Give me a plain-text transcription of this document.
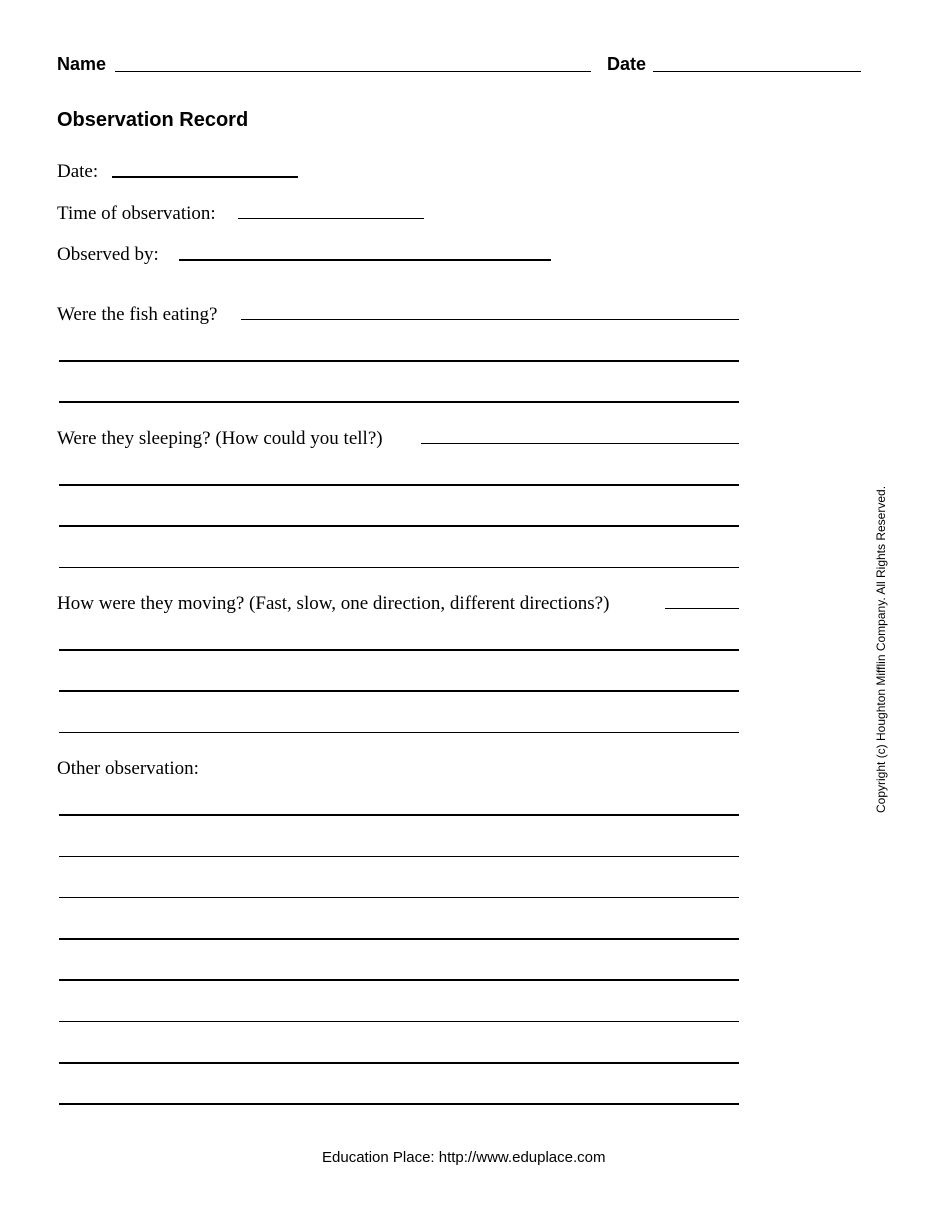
Name	Date
Observation Record
Date:
Time of observation:
Observed by:
Were the fish eating?
Were they sleeping? (How could you tell?)
How were they moving? (Fast, slow, one direction, different directions?)
Other observation:	Copyright (c) Houghton Mifflin Company. All Rights Reserved.
Education Place: http://www.eduplace.com
